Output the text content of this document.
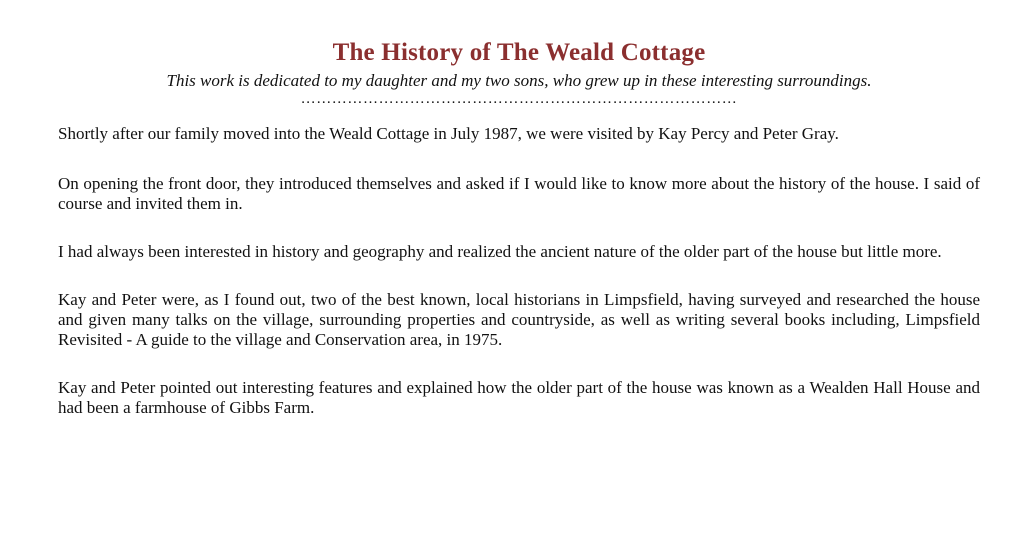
The History of The Weald Cottage

This work is dedicated to my daughter and my two sons, who grew up in these interesting surroundings.

…………………………………………………………………………

Shortly after our family moved into the Weald Cottage in July 1987, we were visited by Kay Percy and Peter Gray.

On opening the front door, they introduced themselves and asked if I would like to know more about the history of the house. I said of course and invited them in.

I had always been interested in history and geography and realized the ancient nature of the older part of the house but little more.

Kay and Peter were, as I found out, two of the best known, local historians in Limpsfield, having surveyed and researched the house and given many talks on the village, surrounding properties and countryside, as well as writing several books including, Limpsfield Revisited - A guide to the village and Conservation area, in 1975.

Kay and Peter pointed out interesting features and explained how the older part of the house was known as a Wealden Hall House and had been a farmhouse of Gibbs Farm.
